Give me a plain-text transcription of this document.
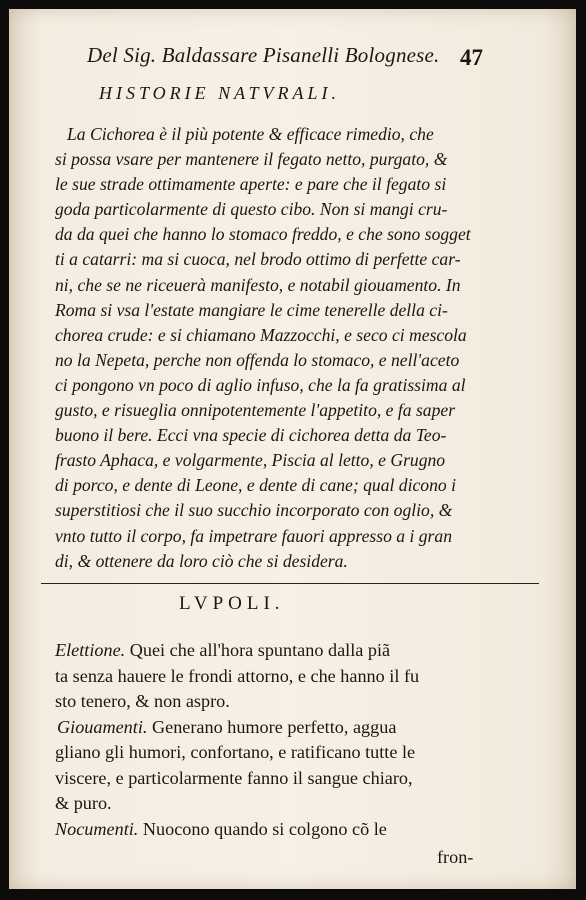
Del Sig. Baldassare Pisanelli Bolognese. 47
HISTORIE NATVRALI.
La Cichorea è il più potente & efficace rimedio, che
si possa vsare per mantenere il fegato netto, purgato, &
le sue strade ottimamente aperte: e pare che il fegato si
goda particolarmente di questo cibo. Non si mangi cru-
da da quei che hanno lo stomaco freddo, e che sono sogget
ti a catarri: ma si cuoca, nel brodo ottimo di perfette car-
ni, che se ne riceuerà manifesto, e notabil giouamento. In
Roma si vsa l'estate mangiare le cime tenerelle della ci-
chorea crude: e si chiamano Mazzocchi, e seco ci mescola
no la Nepeta, perche non offenda lo stomaco, e nell'aceto
ci pongono vn poco di aglio infuso, che la fa gratissima al
gusto, e risueglia onnipotentemente l'appetito, e fa saper
buono il bere. Ecci vna specie di cichorea detta da Teo-
frasto Aphaca, e volgarmente, Piscia al letto, e Grugno
di porco, e dente di Leone, e dente di cane; qual dicono i
superstitiosi che il suo succhio incorporato con oglio, &
vnto tutto il corpo, fa impetrare fauori appresso a i gran
di, & ottenere da loro ciò che si desidera.
LVPOLI.
Elettione. Quei che all'hora spuntano dalla piã
ta senza hauere le frondi attorno, e che hanno il fu
sto tenero, & non aspro.
Giouamenti. Generano humore perfetto, aggua
gliano gli humori, confortano, e ratificano tutte le
viscere, e particolarmente fanno il sangue chiaro,
& puro.
Nocumenti. Nuocono quando si colgono cõ le
fron-
